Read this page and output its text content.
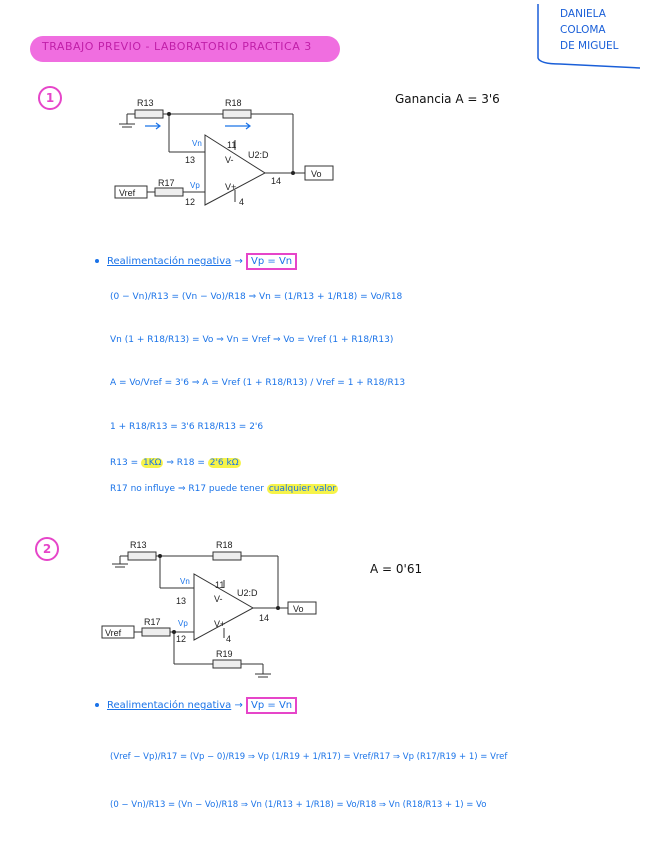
TRABAJO PREVIO - LABORATORIO PRACTICA 3
DANIELA
COLOMA
DE MIGUEL
1	Ganancia A = 3'6
R13	R18
R17
Vref
Vo
U2:D
V-
V+
11
13
14
12	4
Vn
Vp
Realimentación negativa → Vp = Vn
(0 − Vn)/R13 = (Vn − Vo)/R18 ⇒ Vn = (1/R13 + 1/R18) = Vo/R18
Vn (1 + R18/R13) = Vo ⇒ Vn = Vref ⇒ Vo = Vref (1 + R18/R13)
A = Vo/Vref = 3'6 ⇒ A = Vref (1 + R18/R13) / Vref = 1 + R18/R13
1 + R18/R13 = 3'6 R18/R13 = 2'6
R13 = 1KΩ ⇒ R18 = 2'6 kΩ
R17 no influye ⇒ R17 puede tener cualquier valor
2
A = 0'61
R13	R18
R17
R19
Vref
Vo
U2:D
V-
V+
11
13
14
12	4
Vn
Vp
Realimentación negativa → Vp = Vn
(Vref − Vp)/R17 = (Vp − 0)/R19 ⇒ Vp (1/R19 + 1/R17) = Vref/R17 ⇒ Vp (R17/R19 + 1) = Vref
(0 − Vn)/R13 = (Vn − Vo)/R18 ⇒ Vn (1/R13 + 1/R18) = Vo/R18 ⇒ Vn (R18/R13 + 1) = Vo
